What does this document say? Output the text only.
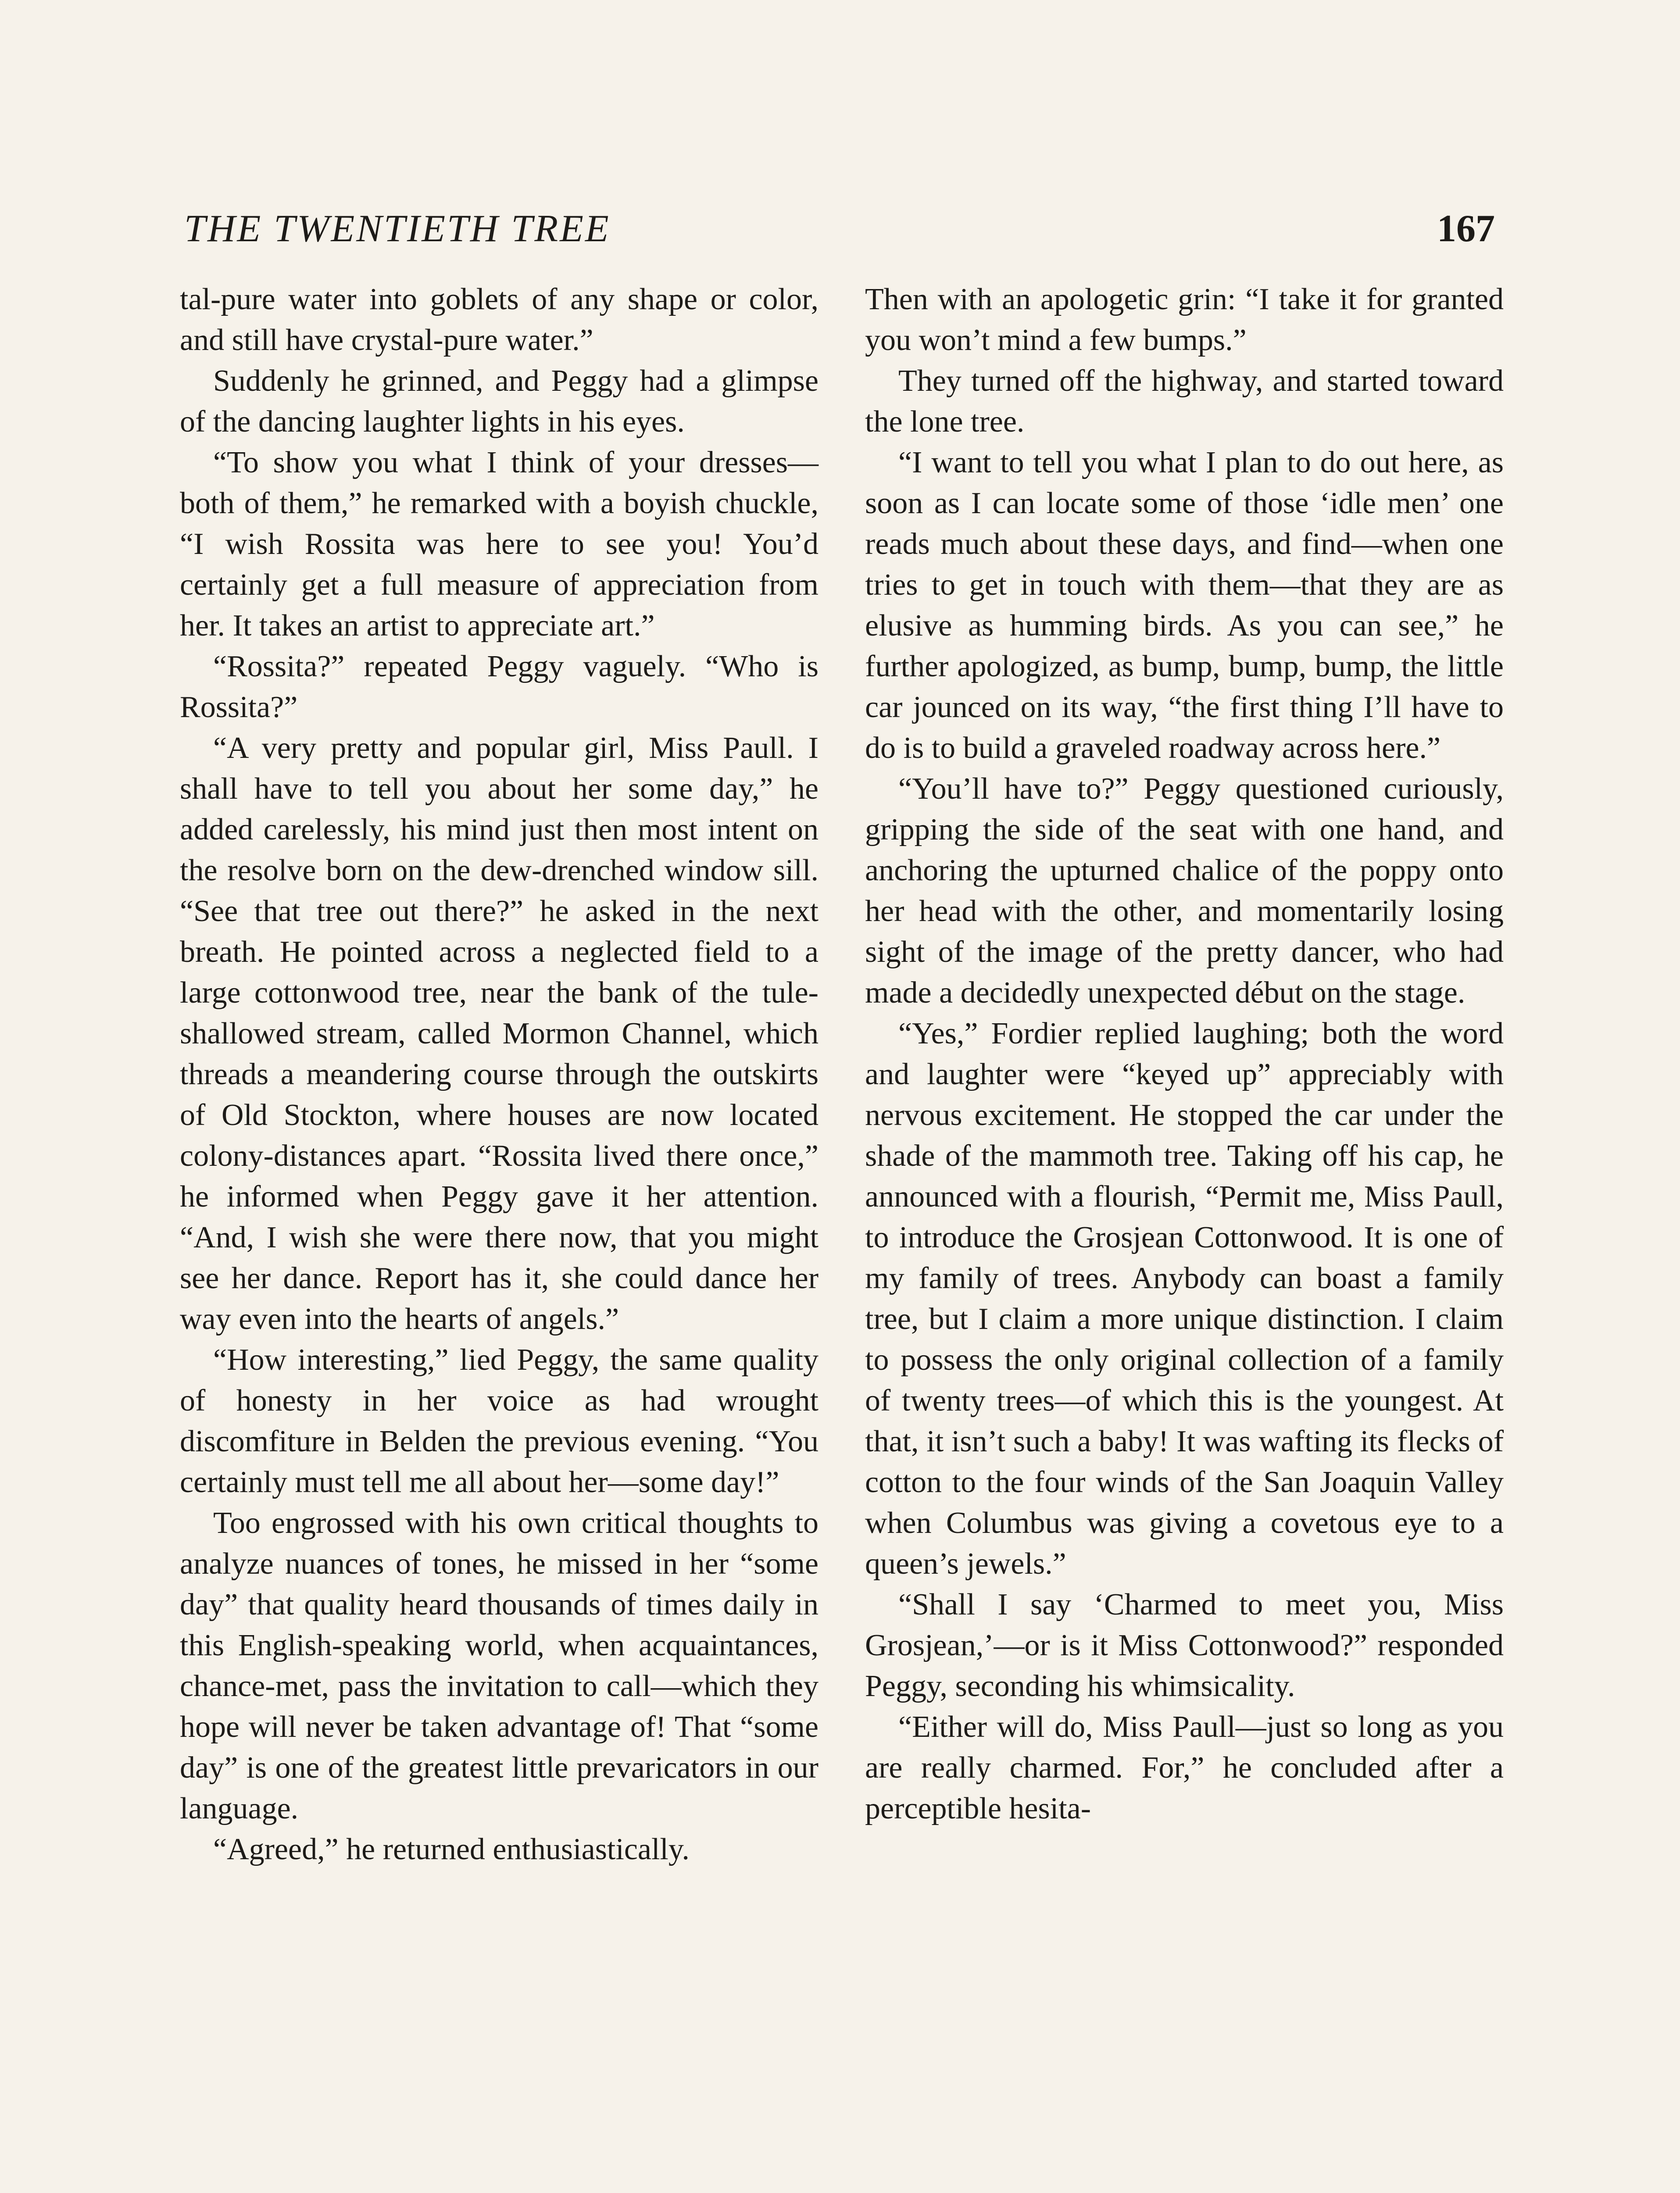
THE TWENTIETH TREE	167

tal-pure water into goblets of any shape or color, and still have crystal-pure water.”

Suddenly he grinned, and Peggy had a glimpse of the dancing laughter lights in his eyes.

“To show you what I think of your dresses—both of them,” he remarked with a boyish chuckle, “I wish Rossita was here to see you! You’d certainly get a full measure of appreciation from her. It takes an artist to appreciate art.”

“Rossita?” repeated Peggy vaguely. “Who is Rossita?”

“A very pretty and popular girl, Miss Paull. I shall have to tell you about her some day,” he added carelessly, his mind just then most intent on the resolve born on the dew-drenched window sill. “See that tree out there?” he asked in the next breath. He pointed across a neglected field to a large cottonwood tree, near the bank of the tule-shallowed stream, called Mormon Channel, which threads a meandering course through the outskirts of Old Stockton, where houses are now located colony-distances apart. “Rossita lived there once,” he informed when Peggy gave it her attention. “And, I wish she were there now, that you might see her dance. Report has it, she could dance her way even into the hearts of angels.”

“How interesting,” lied Peggy, the same quality of honesty in her voice as had wrought discomfiture in Belden the previous evening. “You certainly must tell me all about her—some day!”

Too engrossed with his own critical thoughts to analyze nuances of tones, he missed in her “some day” that quality heard thousands of times daily in this English-speaking world, when acquaintances, chance-met, pass the invitation to call—which they hope will never be taken advantage of! That “some day” is one of the greatest little prevaricators in our language.

“Agreed,” he returned enthusiastically.

Then with an apologetic grin: “I take it for granted you won’t mind a few bumps.”

They turned off the highway, and started toward the lone tree.

“I want to tell you what I plan to do out here, as soon as I can locate some of those ‘idle men’ one reads much about these days, and find—when one tries to get in touch with them—that they are as elusive as humming birds. As you can see,” he further apologized, as bump, bump, bump, the little car jounced on its way, “the first thing I’ll have to do is to build a graveled roadway across here.”

“You’ll have to?” Peggy questioned curiously, gripping the side of the seat with one hand, and anchoring the upturned chalice of the poppy onto her head with the other, and momentarily losing sight of the image of the pretty dancer, who had made a decidedly unexpected début on the stage.

“Yes,” Fordier replied laughing; both the word and laughter were “keyed up” appreciably with nervous excitement. He stopped the car under the shade of the mammoth tree. Taking off his cap, he announced with a flourish, “Permit me, Miss Paull, to introduce the Grosjean Cottonwood. It is one of my family of trees. Anybody can boast a family tree, but I claim a more unique distinction. I claim to possess the only original collection of a family of twenty trees—of which this is the youngest. At that, it isn’t such a baby! It was wafting its flecks of cotton to the four winds of the San Joaquin Valley when Columbus was giving a covetous eye to a queen’s jewels.”

“Shall I say ‘Charmed to meet you, Miss Grosjean,’—or is it Miss Cottonwood?” responded Peggy, seconding his whimsicality.

“Either will do, Miss Paull—just so long as you are really charmed. For,” he concluded after a perceptible hesita-
